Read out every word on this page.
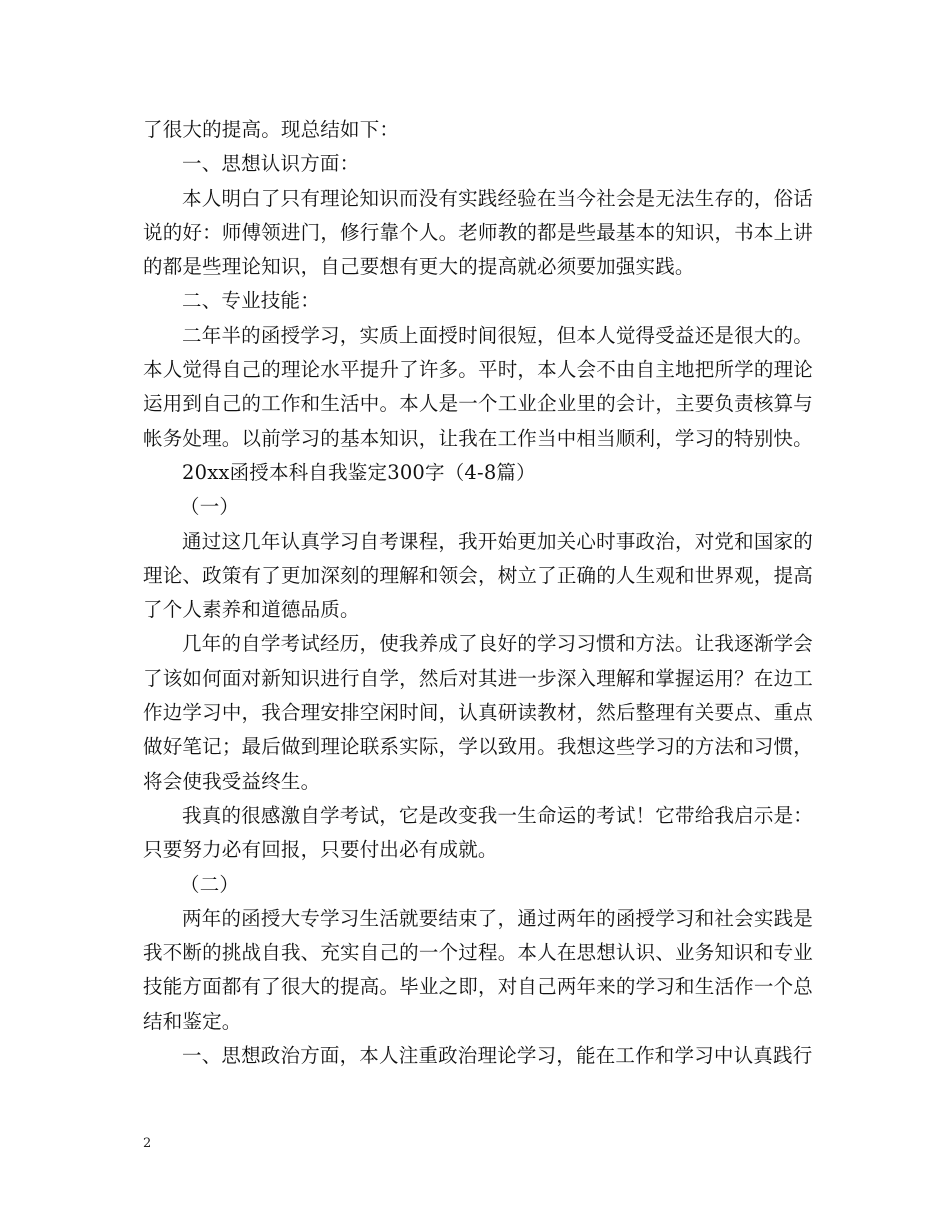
了很大的提高。现总结如下：

一、思想认识方面：

本人明白了只有理论知识而没有实践经验在当今社会是无法生存的，俗话说的好：师傅领进门，修行靠个人。老师教的都是些最基本的知识，书本上讲的都是些理论知识，自己要想有更大的提高就必须要加强实践。

二、专业技能：

二年半的函授学习，实质上面授时间很短，但本人觉得受益还是很大的。本人觉得自己的理论水平提升了许多。平时，本人会不由自主地把所学的理论运用到自己的工作和生活中。本人是一个工业企业里的会计，主要负责核算与帐务处理。以前学习的基本知识，让我在工作当中相当顺利，学习的特别快。

20xx函授本科自我鉴定300字（4-8篇）

（一）

通过这几年认真学习自考课程，我开始更加关心时事政治，对党和国家的理论、政策有了更加深刻的理解和领会，树立了正确的人生观和世界观，提高了个人素养和道德品质。

几年的自学考试经历，使我养成了良好的学习习惯和方法。让我逐渐学会了该如何面对新知识进行自学，然后对其进一步深入理解和掌握运用？在边工作边学习中，我合理安排空闲时间，认真研读教材，然后整理有关要点、重点做好笔记；最后做到理论联系实际，学以致用。我想这些学习的方法和习惯，将会使我受益终生。

我真的很感激自学考试，它是改变我一生命运的考试！它带给我启示是：只要努力必有回报，只要付出必有成就。

（二）

两年的函授大专学习生活就要结束了，通过两年的函授学习和社会实践是我不断的挑战自我、充实自己的一个过程。本人在思想认识、业务知识和专业技能方面都有了很大的提高。毕业之即，对自己两年来的学习和生活作一个总结和鉴定。

一、思想政治方面，本人注重政治理论学习，能在工作和学习中认真践行

2
